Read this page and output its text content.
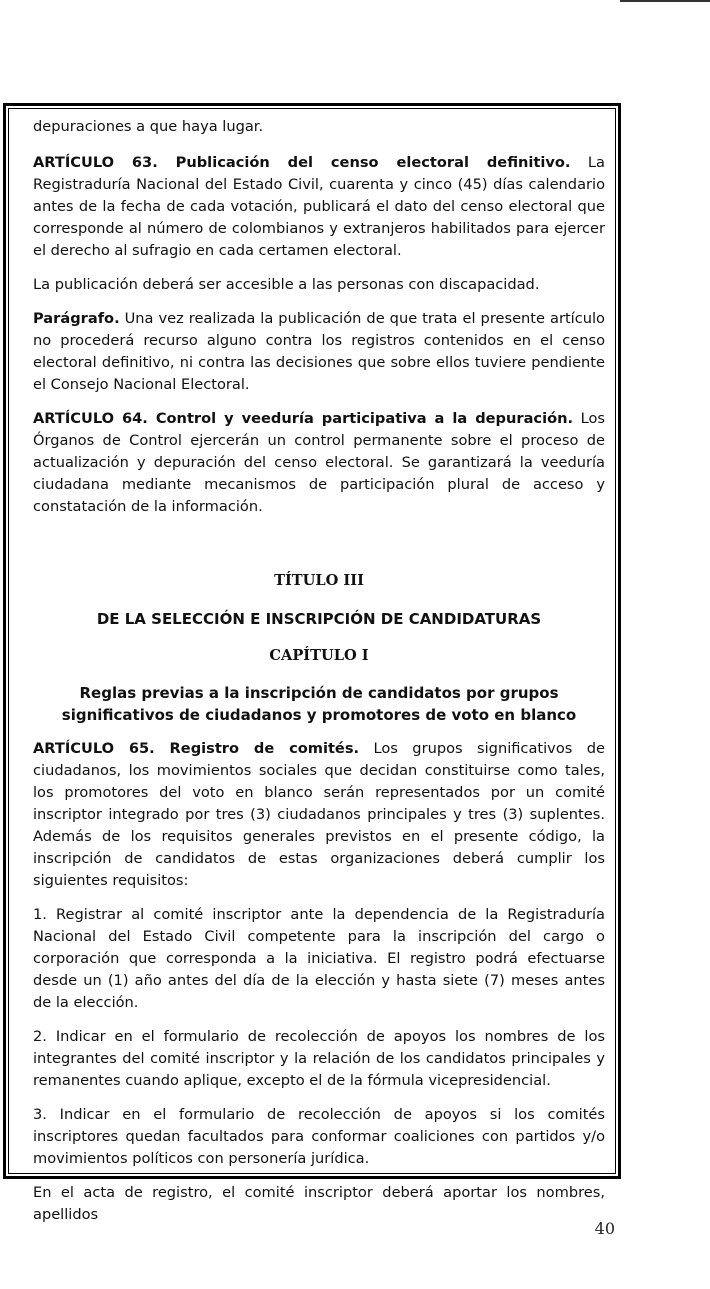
depuraciones a que haya lugar.

ARTÍCULO 63. Publicación del censo electoral definitivo. La Registraduría Nacional del Estado Civil, cuarenta y cinco (45) días calendario antes de la fecha de cada votación, publicará el dato del censo electoral que corresponde al número de colombianos y extranjeros habilitados para ejercer el derecho al sufragio en cada certamen electoral.

La publicación deberá ser accesible a las personas con discapacidad.

Parágrafo. Una vez realizada la publicación de que trata el presente artículo no procederá recurso alguno contra los registros contenidos en el censo electoral definitivo, ni contra las decisiones que sobre ellos tuviere pendiente el Consejo Nacional Electoral.

ARTÍCULO 64. Control y veeduría participativa a la depuración. Los Órganos de Control ejercerán un control permanente sobre el proceso de actualización y depuración del censo electoral. Se garantizará la veeduría ciudadana mediante mecanismos de participación plural de acceso y constatación de la información.

TÍTULO III
DE LA SELECCIÓN E INSCRIPCIÓN DE CANDIDATURAS
CAPÍTULO I
Reglas previas a la inscripción de candidatos por grupos significativos de ciudadanos y promotores de voto en blanco

ARTÍCULO 65. Registro de comités. Los grupos significativos de ciudadanos, los movimientos sociales que decidan constituirse como tales, los promotores del voto en blanco serán representados por un comité inscriptor integrado por tres (3) ciudadanos principales y tres (3) suplentes. Además de los requisitos generales previstos en el presente código, la inscripción de candidatos de estas organizaciones deberá cumplir los siguientes requisitos:

1. Registrar al comité inscriptor ante la dependencia de la Registraduría Nacional del Estado Civil competente para la inscripción del cargo o corporación que corresponda a la iniciativa. El registro podrá efectuarse desde un (1) año antes del día de la elección y hasta siete (7) meses antes de la elección.

2. Indicar en el formulario de recolección de apoyos los nombres de los integrantes del comité inscriptor y la relación de los candidatos principales y remanentes cuando aplique, excepto el de la fórmula vicepresidencial.

3. Indicar en el formulario de recolección de apoyos si los comités inscriptores quedan facultados para conformar coaliciones con partidos y/o movimientos políticos con personería jurídica.

En el acta de registro, el comité inscriptor deberá aportar los nombres, apellidos

40
